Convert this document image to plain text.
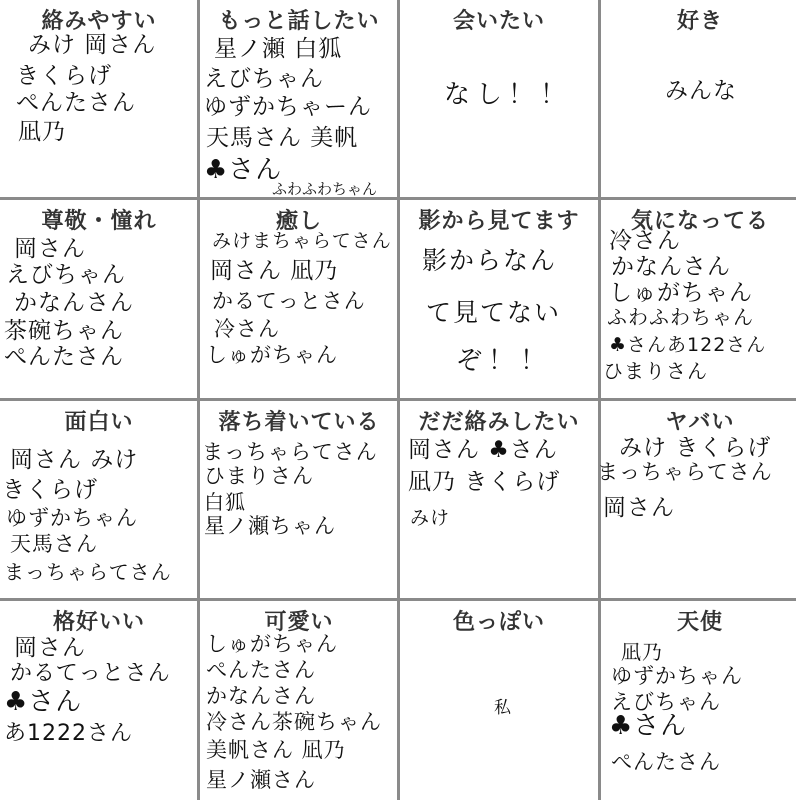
絡みやすい
みけ 岡さん
きくらげ
ぺんたさん
凪乃
もっと話したい
星ノ瀬 白狐
えびちゃん
ゆずかちゃーん
天馬さん 美帆
♣さん
ふわふわちゃん
会いたい
なし！！
好き
みんな
尊敬・憧れ
岡さん
えびちゃん
かなんさん
茶碗ちゃん
ぺんたさん
癒し
みけまちゃらてさん
岡さん 凪乃
かるてっとさん
冷さん
しゅがちゃん
影から見てます
影からなん
て見てない
ぞ！！
気になってる
冷さん
かなんさん
しゅがちゃん
ふわふわちゃん
♣さんあ122さん
ひまりさん
面白い
岡さん みけ
きくらげ
ゆずかちゃん
天馬さん
まっちゃらてさん
落ち着いている
まっちゃらてさん
ひまりさん
白狐
星ノ瀬ちゃん
だだ絡みしたい
岡さん ♣さん
凪乃 きくらげ
みけ
ヤバい
みけ きくらげ
まっちゃらてさん
岡さん
格好いい
岡さん
かるてっとさん
♣さん
あ1222さん
可愛い
しゅがちゃん
ぺんたさん
かなんさん
冷さん茶碗ちゃん
美帆さん 凪乃
星ノ瀬さん
色っぽい
私
天使
凪乃
ゆずかちゃん
えびちゃん
♣さん
ぺんたさん
